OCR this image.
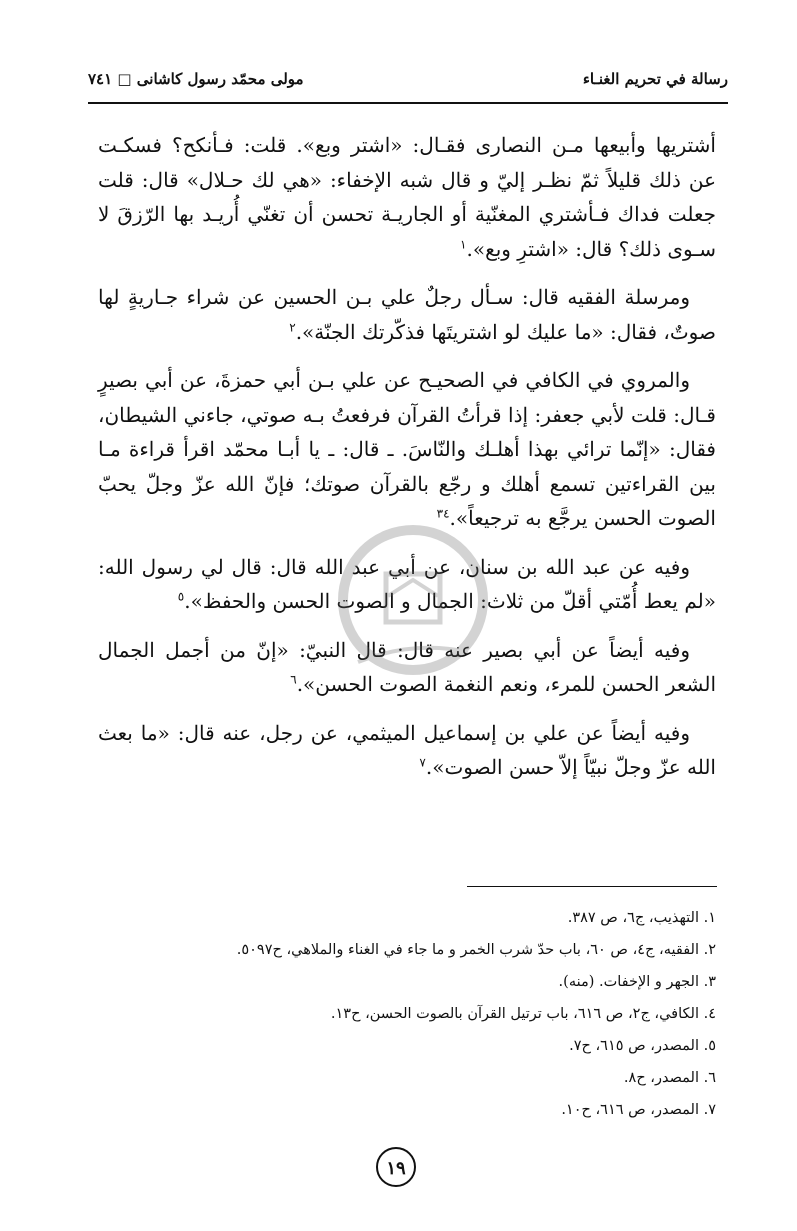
رسالة في تحريم الغنـاء
مولى محمّد رسول كاشانى □ ٧٤١

أشتريها وأبيعها مـن النصارى فقـال: «اشتر وبع». قلت: فـأنكح؟ فسكـت عن ذلك قليلاً ثمّ نظـر إليّ و قال شبه الإخفاء: «هي لك حـلال» قال: قلت جعلت فداك فـأشتري المغنّية أو الجاريـة تحسن أن تغنّي أُريـد بها الرّزقَ لا سـوى ذلك؟ قال: «اشترِ وبع».$^١$

ومرسلة الفقيه قال: سـأل رجلٌ علي بـن الحسين عن شراء جـاريةٍ لها صوتٌ، فقال: «ما عليك لو اشتريتَها فذكّرتك الجنّة».$^٢$

والمروي في الكافي في الصحيـح عن علي بـن أبي حمزةَ، عن أبي بصيرٍ قـال: قلت لأبي جعفر: إذا قرأتُ القرآن فرفعتُ بـه صوتي، جاءني الشيطان، فقال: «إنّما ترائي بهذا أهلـك والنّاسَ. ـ قال: ـ يا أبـا محمّد اقرأ قراءة مـا بين القراءتين تسمع أهلك و رجّع بالقرآن صوتك؛ فإنّ الله عزّ وجلّ يحبّ الصوت الحسن يرجَّع به ترجيعاً».$^{٣٤}$

وفيه عن عبد الله بن سنان، عن أبي عبد الله قال: قال لي رسول الله: «لم يعط أُمّتي أقلّ من ثلاث: الجمال و الصوت الحسن والحفظ».$^٥$

وفيه أيضاً عن أبي بصير عنه قال: قال النبيّ: «إنّ من أجمل الجمال الشعر الحسن للمرء، ونعم النغمة الصوت الحسن».$^٦$

وفيه أيضاً عن علي بن إسماعيل الميثمي، عن رجل، عنه قال: «ما بعث الله عزّ وجلّ نبيّاً إلاّ حسن الصوت».$^٧$

١. التهذيب، ج٦، ص ٣٨٧.
٢. الفقيه، ج٤، ص ٦٠، باب حدّ شرب الخمر و ما جاء في الغناء والملاهي، ح٥٠٩٧.
٣. الجهر و الإخفات. (منه).
٤. الكافي، ج٢، ص ٦١٦، باب ترتيل القرآن بالصوت الحسن، ح١٣.
٥. المصدر، ص ٦١٥، ح٧.
٦. المصدر، ح٨.
٧. المصدر، ص ٦١٦، ح١٠.
١٩
